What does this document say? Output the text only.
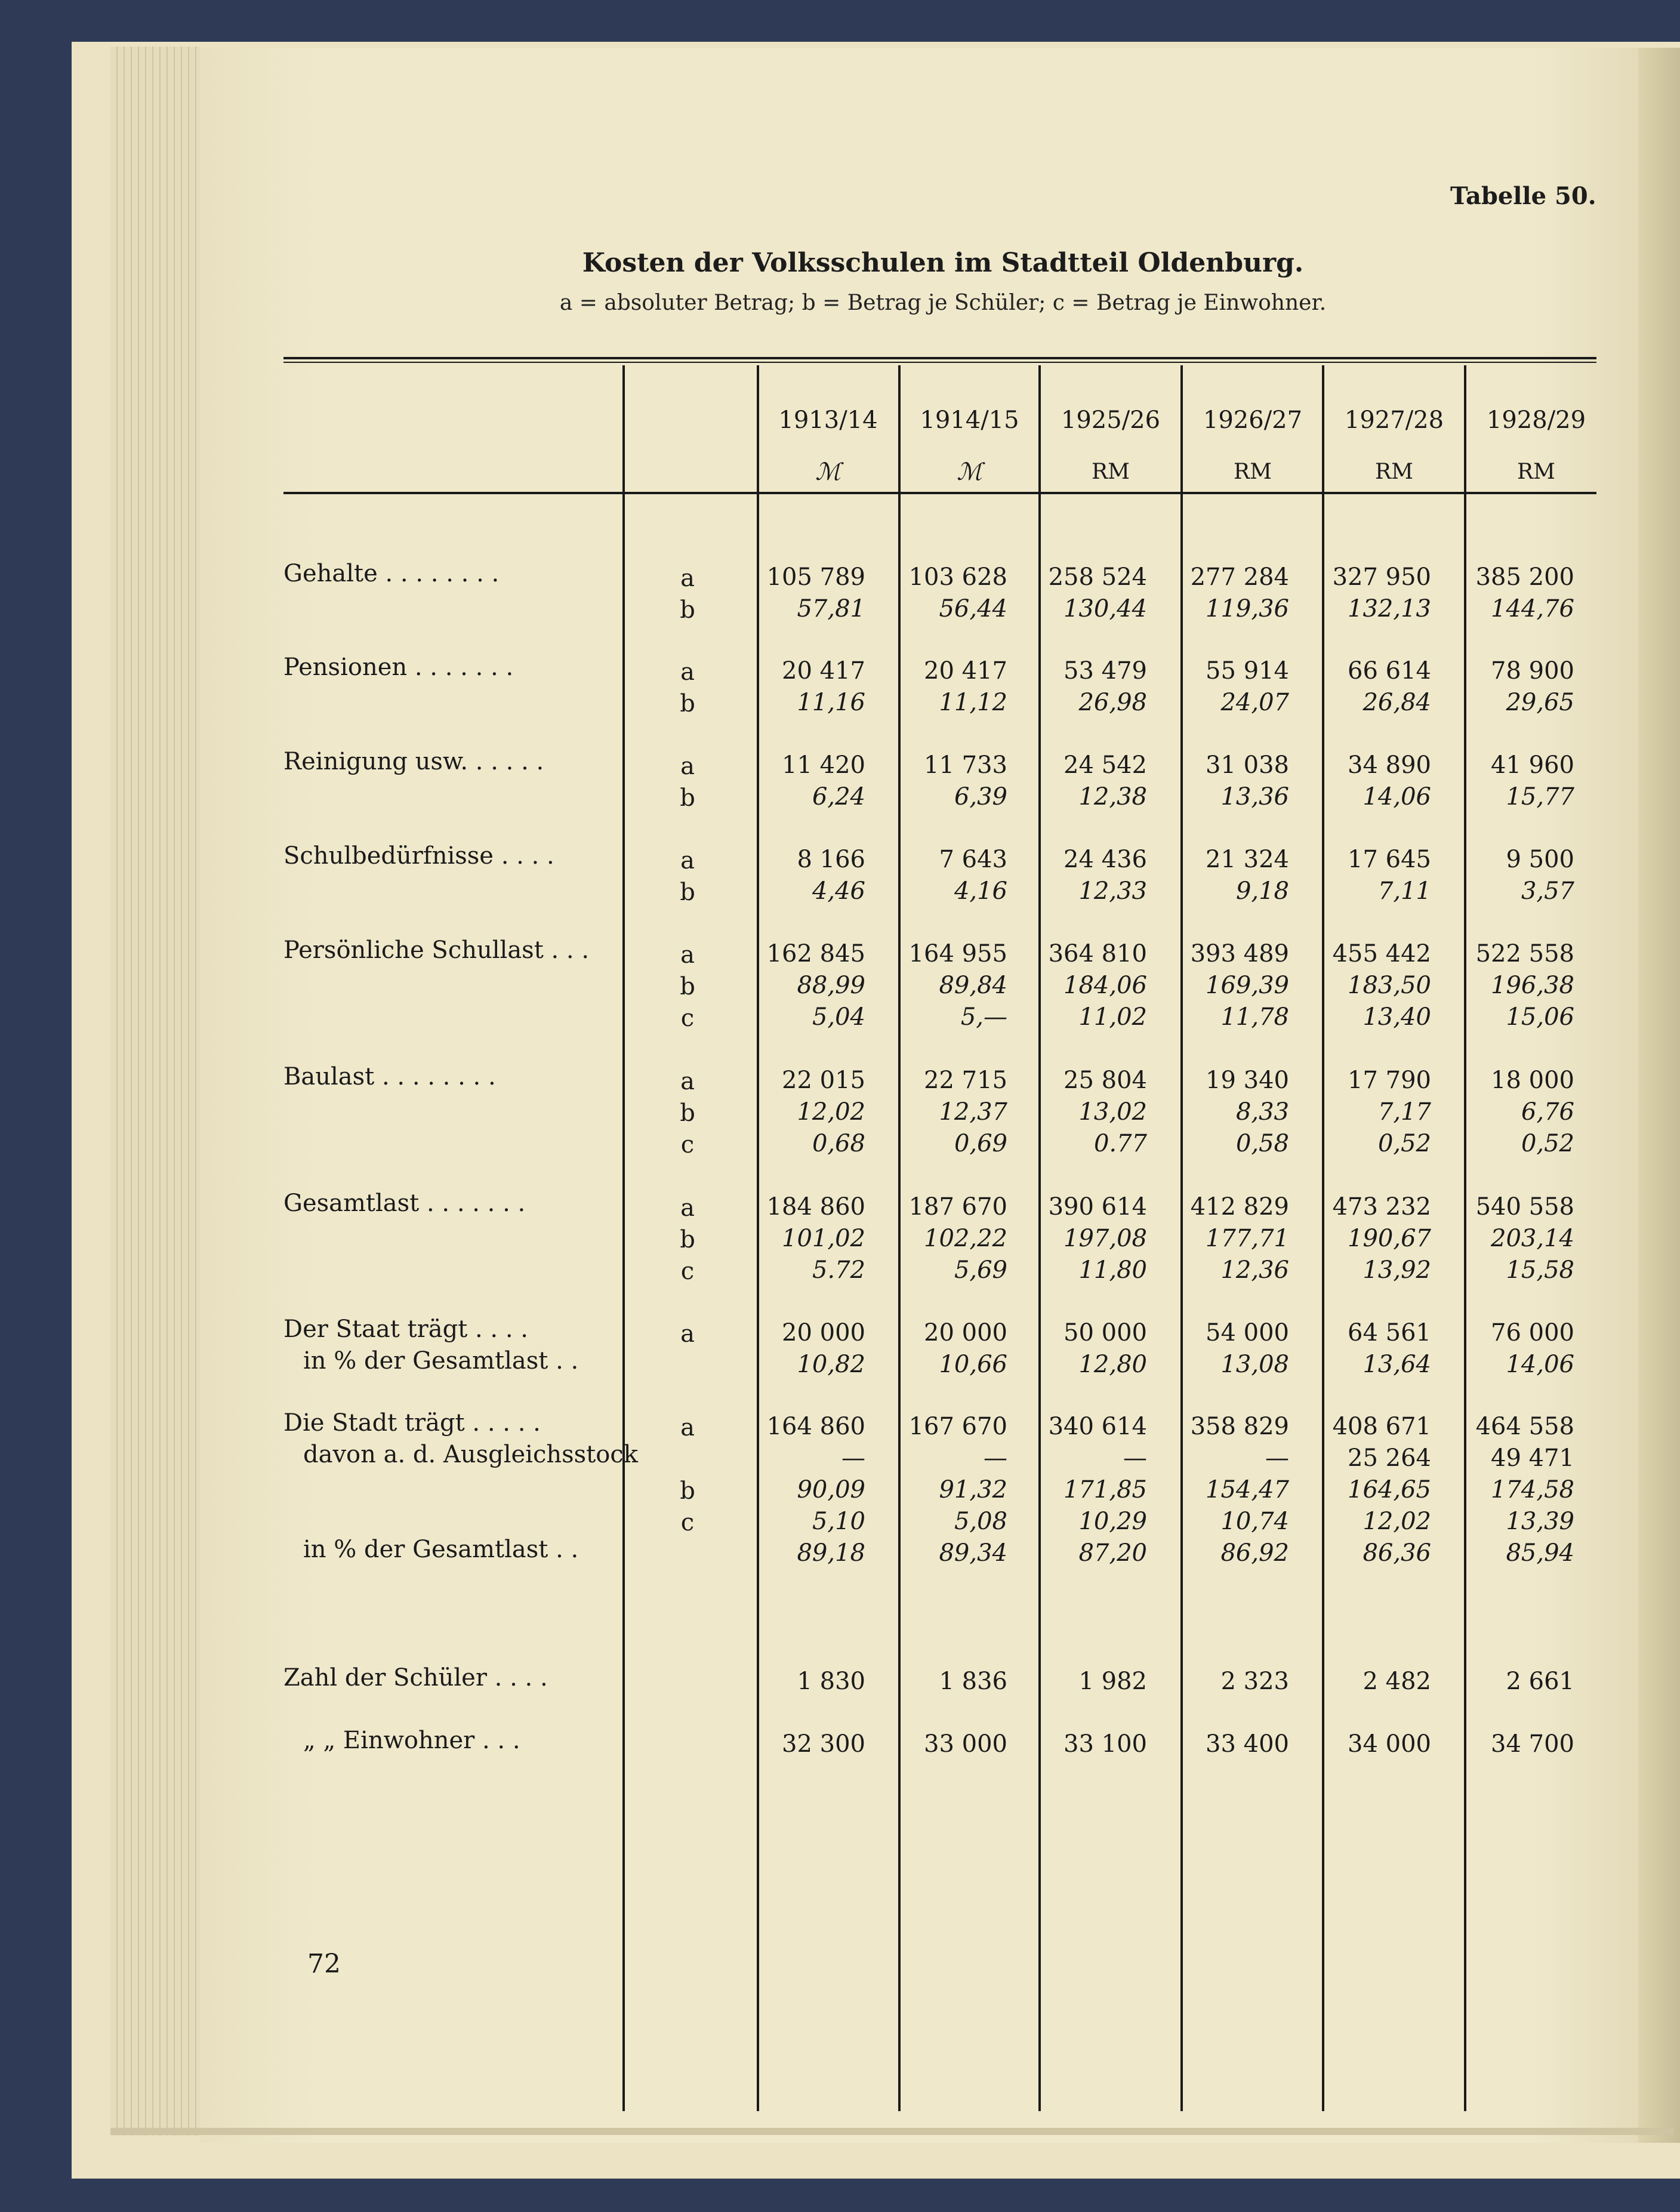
Tabelle 50.
Kosten der Volksschulen im Stadtteil Oldenburg.
a = absoluter Betrag; b = Betrag je Schüler; c = Betrag je Einwohner.
1913/14	1914/15	1925/26	1926/27	1927/28	1928/29
ℳ	ℳ	RM	RM	RM	RM
Gehalte . . . . . . . .	a	105 789	103 628	258 524	277 284	327 950	385 200
b	57,81	56,44	130,44	119,36	132,13	144,76
Pensionen . . . . . . .	a	20 417	20 417	53 479	55 914	66 614	78 900
b	11,16	11,12	26,98	24,07	26,84	29,65
Reinigung usw. . . . . .	a	11 420	11 733	24 542	31 038	34 890	41 960
b	6,24	6,39	12,38	13,36	14,06	15,77
Schulbedürfnisse . . . .	a	8 166	7 643	24 436	21 324	17 645	9 500
b	4,46	4,16	12,33	9,18	7,11	3,57
Persönliche Schullast . . .	a	162 845	164 955	364 810	393 489	455 442	522 558
b	88,99	89,84	184,06	169,39	183,50	196,38
c	5,04	5,—	11,02	11,78	13,40	15,06
Baulast . . . . . . . .	a	22 015	22 715	25 804	19 340	17 790	18 000
b	12,02	12,37	13,02	8,33	7,17	6,76
c	0,68	0,69	0.77	0,58	0,52	0,52
Gesamtlast . . . . . . .	a	184 860	187 670	390 614	412 829	473 232	540 558
b	101,02	102,22	197,08	177,71	190,67	203,14
c	5.72	5,69	11,80	12,36	13,92	15,58
Der Staat trägt . . . .	a	20 000	20 000	50 000	54 000	64 561	76 000
in % der Gesamtlast . .	10,82	10,66	12,80	13,08	13,64	14,06
Die Stadt trägt . . . . .	a	164 860	167 670	340 614	358 829	408 671	464 558
davon a. d. Ausgleichsstock	—	—	—	—	25 264	49 471
b	90,09	91,32	171,85	154,47	164,65	174,58
c	5,10	5,08	10,29	10,74	12,02	13,39
in % der Gesamtlast . .	89,18	89,34	87,20	86,92	86,36	85,94
Zahl der Schüler . . . .	1 830	1 836	1 982	2 323	2 482	2 661
„ „ Einwohner . . .	32 300	33 000	33 100	33 400	34 000	34 700
72
